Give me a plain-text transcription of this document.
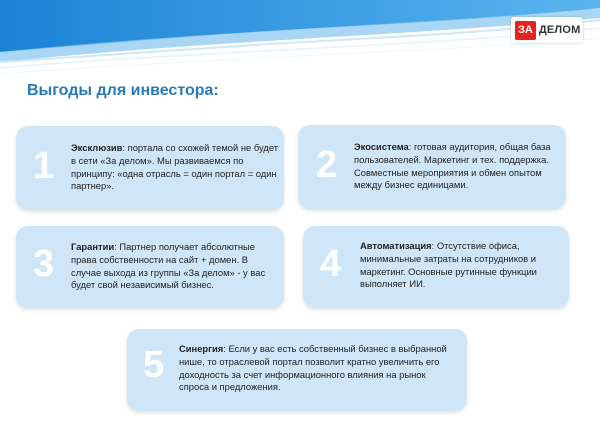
ЗА ДЕЛОМ
Выгоды для инвестора:
1 Эксклюзив: портала со схожей темой не будет в сети «За делом». Мы развиваемся по принципу: «одна отрасль = один портал = один партнер».	2 Экосистема: готовая аудитория, общая база пользователей. Маркетинг и тех. поддержка. Совместные мероприятия и обмен опытом между бизнес единицами.
3 Гарантии: Партнер получает абсолютные права собственности на сайт + домен. В случае выхода из группы «За делом» - у вас будет свой независимый бизнес.	4 Автоматизация: Отсутствие офиса, минимальные затраты на сотрудников и маркетинг. Основные рутинные функции выполняет ИИ.
5 Синергия: Если у вас есть собственный бизнес в выбранной нише, то отраслевой портал позволит кратно увеличить его доходность за счет информационного влияния на рынок спроса и предложения.
